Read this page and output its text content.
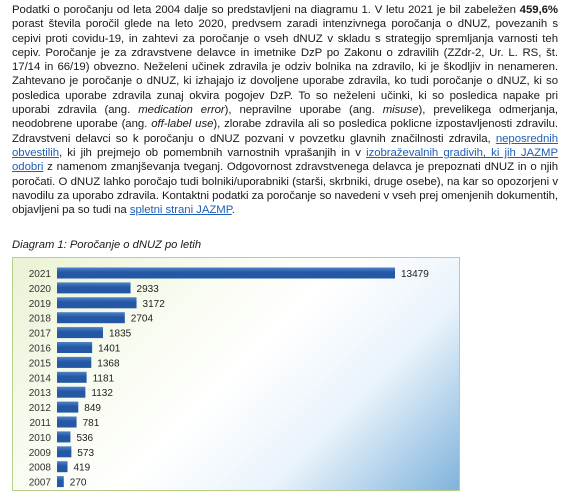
Podatki o poročanju od leta 2004 dalje so predstavljeni na diagramu 1. V letu 2021 je bil zabeležen 459,6% porast števila poročil glede na leto 2020, predvsem zaradi intenzivnega poročanja o dNUZ, povezanih s cepivi proti covidu-19, in zahtevi za poročanje o vseh dNUZ v skladu s strategijo spremljanja varnosti teh cepiv. Poročanje je za zdravstvene delavce in imetnike DzP po Zakonu o zdravilih (ZZdr-2, Ur. L. RS, št. 17/14 in 66/19) obvezno. Neželeni učinek zdravila je odziv bolnika na zdravilo, ki je škodljiv in nenameren. Zahtevano je poročanje o dNUZ, ki izhajajo iz dovoljene uporabe zdravila, ko tudi poročanje o dNUZ, ki so posledica uporabe zdravila zunaj okvira pogojev DzP. To so neželeni učinki, ki so posledica napake pri uporabi zdravila (ang. medication error), nepravilne uporabe (ang. misuse), prevelikega odmerjanja, neodobrene uporabe (ang. off-label use), zlorabe zdravila ali so posledica poklicne izpostavljenosti zdravilu. Zdravstveni delavci so k poročanju o dNUZ pozvani v povzetku glavnih značilnosti zdravila, neposrednih obvestilih, ki jih prejmejo ob pomembnih varnostnih vprašanjih in v izobraževalnih gradivih, ki jih JAZMP odobri z namenom zmanjševanja tveganj. Odgovornost zdravstvenega delavca je prepoznati dNUZ in o njih poročati. O dNUZ lahko poročajo tudi bolniki/uporabniki (starši, skrbniki, druge osebe), na kar so opozorjeni v navodilu za uporabo zdravila. Kontaktni podatki za poročanje so navedeni v vseh prej omenjenih dokumentih, objavljeni pa so tudi na spletni strani JAZMP.
Diagram 1: Poročanje o dNUZ po letih
2021	13479
2020	2933
2019	3172
2018	2704
2017	1835
2016	1401
2015	1368
2014	1181
2013	1132
2012	849
2011	781
2010	536
2009	573
2008 419
2007 270
